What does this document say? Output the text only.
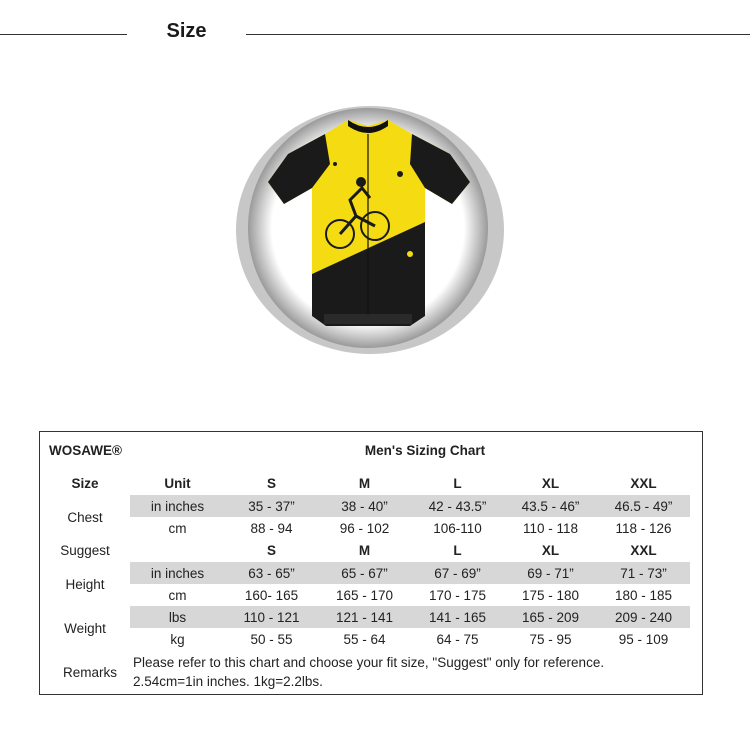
Size
WOSAWE®	Men's Sizing Chart
Size	Unit	S	M	L	XL	XXL
Chest
in inches	35 - 37”	38 - 40”	42 - 43.5”	43.5 - 46”	46.5 - 49”
cm	88 - 94	96 - 102	106-110	110 - 118	118 - 126
Suggest	S	M	L	XL	XXL
Height
in inches	63 - 65”	65 - 67”	67 - 69”	69 - 71”	71 - 73”
cm	160- 165	165 - 170	170 - 175	175 - 180	180 - 185
Weight
lbs	110 - 121	121 - 141	141 - 165	165 - 209	209 - 240
kg	50 - 55	55 - 64	64 - 75	75 - 95	95 - 109
Remarks
Please refer to this chart and choose your fit size, "Suggest" only for reference.
2.54cm=1in inches. 1kg=2.2lbs.
